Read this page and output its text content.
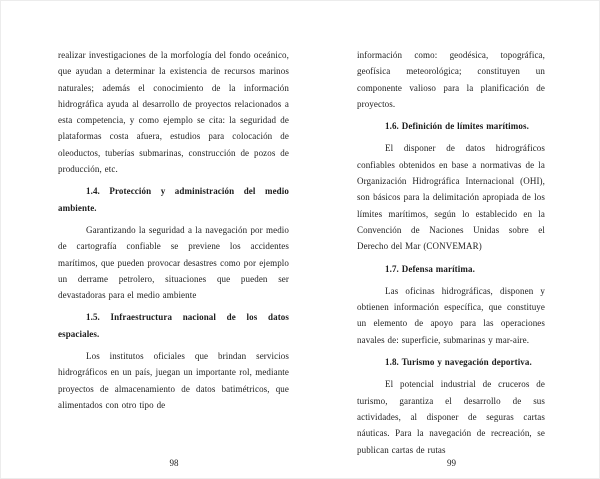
realizar investigaciones de la morfología del fondo oceánico, que ayudan a determinar la existencia de recursos marinos naturales; además el conocimiento de la información hidrográfica ayuda al desarrollo de proyectos relacionados a esta competencia, y como ejemplo se cita: la seguridad de plataformas costa afuera, estudios para colocación de oleoductos, tuberías submarinas, construcción de pozos de producción, etc.

1.4. Protección y administración del medio ambiente.

Garantizando la seguridad a la navegación por medio de cartografía confiable se previene los accidentes marítimos, que pueden provocar desastres como por ejemplo un derrame petrolero, situaciones que pueden ser devastadoras para el medio ambiente

1.5. Infraestructura nacional de los datos espaciales.

Los institutos oficiales que brindan servicios hidrográficos en un país, juegan un importante rol, mediante proyectos de almacenamiento de datos batimétricos, que alimentados con otro tipo de

98

información como: geodésica, topográfica, geofísica meteorológica; constituyen un componente valioso para la planificación de proyectos.

1.6. Definición de límites marítimos.

El disponer de datos hidrográficos confiables obtenidos en base a normativas de la Organización Hidrográfica Internacional (OHI), son básicos para la delimitación apropiada de los límites marítimos, según lo establecido en la Convención de Naciones Unidas sobre el Derecho del Mar (CONVEMAR)

1.7. Defensa marítima.

Las oficinas hidrográficas, disponen y obtienen información específica, que constituye un elemento de apoyo para las operaciones navales de: superficie, submarinas y mar-aire.

1.8. Turismo y navegación deportiva.

El potencial industrial de cruceros de turismo, garantiza el desarrollo de sus actividades, al disponer de seguras cartas náuticas. Para la navegación de recreación, se publican cartas de rutas

99
